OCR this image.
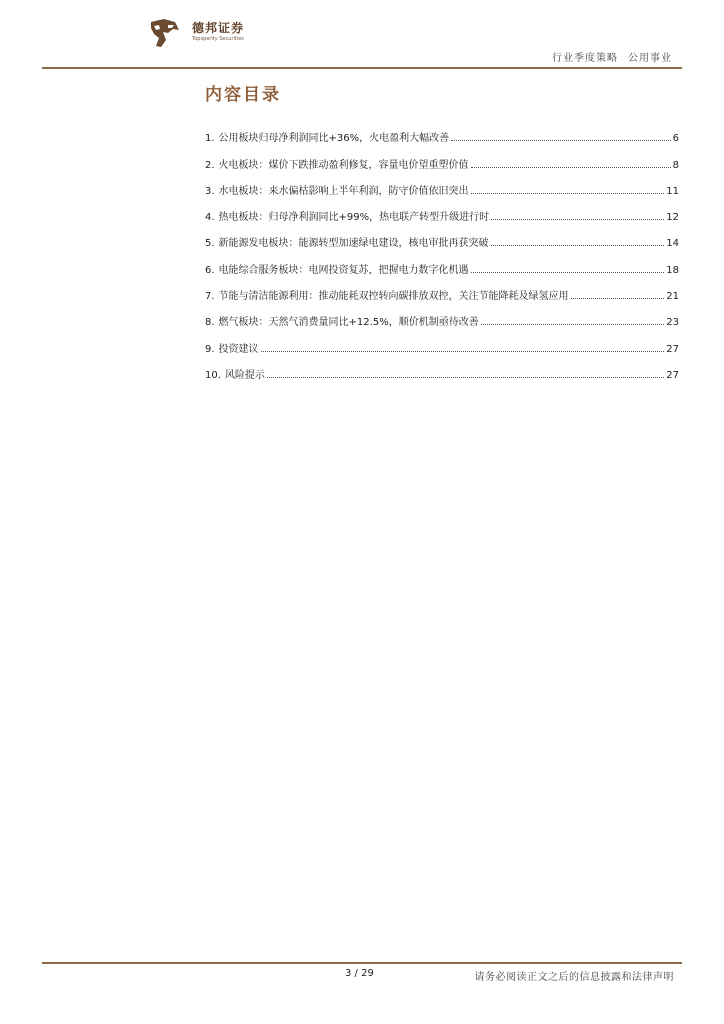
德邦证券
Topsperity Securities
行业季度策略 公用事业
内容目录
1. 公用板块归母净利润同比+36%，火电盈利大幅改善	6
2. 火电板块：煤价下跌推动盈利修复，容量电价望重塑价值	8
3. 水电板块：来水偏枯影响上半年利润，防守价值依旧突出	11
4. 热电板块：归母净利润同比+99%，热电联产转型升级进行时	12
5. 新能源发电板块：能源转型加速绿电建设，核电审批再获突破	14
6. 电能综合服务板块：电网投资复苏，把握电力数字化机遇	18
7. 节能与清洁能源利用：推动能耗双控转向碳排放双控，关注节能降耗及绿氢应用	21
8. 燃气板块：天然气消费量同比+12.5%，顺价机制亟待改善	23
9. 投资建议	27
10. 风险提示	27
3 / 29	请务必阅读正文之后的信息披露和法律声明
